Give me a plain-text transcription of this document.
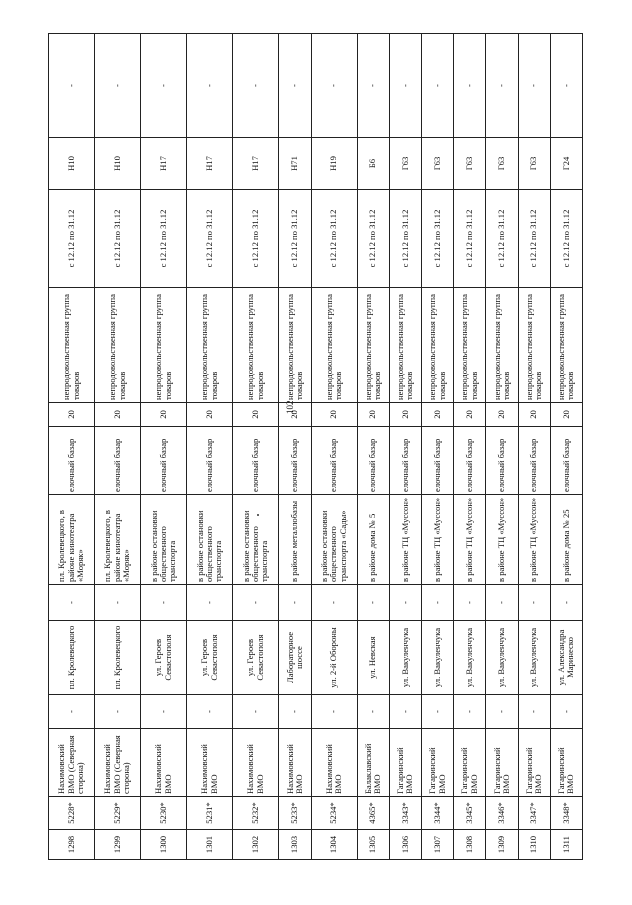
102
1298	5228*	Нахимовский ВМО (Северная сторона)	-	пл. Кролевецкого	-	пл. Кролевецкого, в районе кинотеатра «Моряк»	елочный базар	20	непродовольственная группа товаров	с 12.12 по 31.12	Н10	-
1299	5229*	Нахимовский ВМО (Северная сторона)	-	пл. Кролевецкого	-	пл. Кролевецкого, в районе кинотеатра «Моряк»	елочный базар	20	непродовольственная группа товаров	с 12.12 по 31.12	Н10	-
1300	5230*	Нахимовский ВМО	-	ул. Героев Севастополя	-	в районе остановки общественного транспорта	елочный базар	20	непродовольственная группа товаров	с 12.12 по 31.12	Н17	-
1301	5231*	Нахимовский ВМО	-	ул. Героев Севастополя	-	в районе остановки общественного транспорта	елочный базар	20	непродовольственная группа товаров	с 12.12 по 31.12	Н17	-
1302	5232*	Нахимовский ВМО	-	ул. Героев Севастополя	-	в районе остановки общественного транспорта	елочный базар	20	непродовольственная группа товаров	с 12.12 по 31.12	Н17	-
1303	5233*	Нахимовский ВМО	-	Лабораторное шоссе	-	в районе металлобазы	елочный базар	20	непродовольственная группа товаров	с 12.12 по 31.12	Н71	-
1304	5234*	Нахимовский ВМО	-	ул. 2-й Обороны	-	в районе остановки общественного транспорта «Сады»	елочный базар	20	непродовольственная группа товаров	с 12.12 по 31.12	Н19	-
1305	4365*	Балаклавский ВМО	-	ул. Невская	-	в районе дома № 5	елочный базар	20	непродовольственная группа товаров	с 12.12 по 31.12	Б6	-
1306	3343*	Гагаринский ВМО	-	ул. Вакуленчука	-	в районе ТЦ «Муссон»	елочный базар	20	непродовольственная группа товаров	с 12.12 по 31.12	Г63	-
1307	3344*	Гагаринский ВМО	-	ул. Вакуленчука	-	в районе ТЦ «Муссон»	елочный базар	20	непродовольственная группа товаров	с 12.12 по 31.12	Г63	-
1308	3345*	Гагаринский ВМО	-	ул. Вакуленчука	-	в районе ТЦ «Муссон»	елочный базар	20	непродовольственная группа товаров	с 12.12 по 31.12	Г63	-
1309	3346*	Гагаринский ВМО	-	ул. Вакуленчука	-	в районе ТЦ «Муссон»	елочный базар	20	непродовольственная группа товаров	с 12.12 по 31.12	Г63	-
1310	3347*	Гагаринский ВМО	-	ул. Вакуленчука	-	в районе ТЦ «Муссон»	елочный базар	20	непродовольственная группа товаров	с 12.12 по 31.12	Г63	-
1311	3348*	Гагаринский ВМО	-	ул. Александра Маринеско	-	в районе дома № 25	елочный базар	20	непродовольственная группа товаров	с 12.12 по 31.12	Г24	-
